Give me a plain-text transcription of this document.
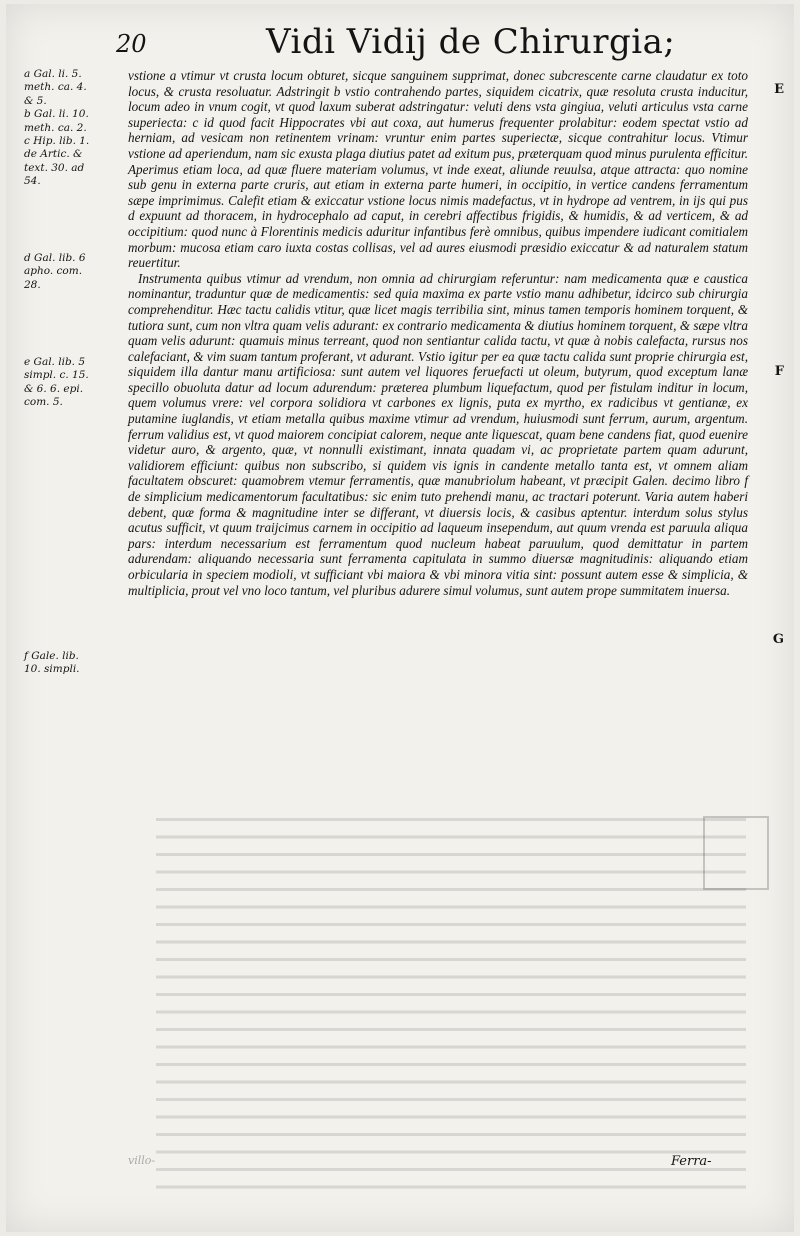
20	Vidi Vidij de Chirurgia;

a Gal. li. 5.
meth. ca. 4.
& 5.
b Gal. li. 10.
meth. ca. 2.
c Hip. lib. 1.
de Artic. &
text. 30. ad
54.

d Gal. lib. 6
apho. com.
28.

e Gal. lib. 5
simpl. c. 15.
& 6. 6. epi.
com. 5.

f Gale. lib.
10. simpli.

E
F
G

vstione a vtimur vt crusta locum obturet, sicque sanguinem supprimat, donec subcrescente carne claudatur ex toto locus, & crusta resoluatur. Adstringit b vstio contrahendo partes, siquidem cicatrix, quæ resoluta crusta inducitur, locum adeo in vnum cogit, vt quod laxum suberat adstringatur: veluti dens vsta gingiua, veluti articulus vsta carne superiecta: c id quod facit Hippocrates vbi aut coxa, aut humerus frequenter prolabitur: eodem spectat vstio ad herniam, ad vesicam non retinentem vrinam: vruntur enim partes superiectæ, sicque contrahitur locus. Vtimur vstione ad aperiendum, nam sic exusta plaga diutius patet ad exitum pus, præterquam quod minus purulenta efficitur. Aperimus etiam loca, ad quæ fluere materiam volumus, vt inde exeat, aliunde reuulsa, atque attracta: quo nomine sub genu in externa parte cruris, aut etiam in externa parte humeri, in occipitio, in vertice candens ferramentum sæpe imprimimus. Calefit etiam & exiccatur vstione locus nimis madefactus, vt in hydrope ad ventrem, in ijs qui pus d expuunt ad thoracem, in hydrocephalo ad caput, in cerebri affectibus frigidis, & humidis, & ad verticem, & ad occipitium: quod nunc à Florentinis medicis aduritur infantibus ferè omnibus, quibus impendere iudicant comitialem morbum: mucosa etiam caro iuxta costas collisas, vel ad aures eiusmodi præsidio exiccatur & ad naturalem statum reuertitur.

Instrumenta quibus vtimur ad vrendum, non omnia ad chirurgiam referuntur: nam medicamenta quæ e caustica nominantur, traduntur quæ de medicamentis: sed quia maxima ex parte vstio manu adhibetur, idcirco sub chirurgia comprehenditur. Hæc tactu calidis vtitur, quæ licet magis terribilia sint, minus tamen temporis hominem torquent, & tutiora sunt, cum non vltra quam velis adurant: ex contrario medicamenta & diutius hominem torquent, & sæpe vltra quam velis adurunt: quamuis minus terreant, quod non sentiantur calida tactu, vt quæ à nobis calefacta, rursus nos calefaciant, & vim suam tantum proferant, vt adurant. Vstio igitur per ea quæ tactu calida sunt proprie chirurgia est, siquidem illa dantur manu artificiosa: sunt autem vel liquores feruefacti ut oleum, butyrum, quod exceptum lanæ specillo obuoluta datur ad locum adurendum: præterea plumbum liquefactum, quod per fistulam inditur in locum, quem volumus vrere: vel corpora solidiora vt carbones ex lignis, puta ex myrtho, ex radicibus vt gentianæ, ex putamine iuglandis, vt etiam metalla quibus maxime vtimur ad vrendum, huiusmodi sunt ferrum, aurum, argentum. ferrum validius est, vt quod maiorem concipiat calorem, neque ante liquescat, quam bene candens fiat, quod euenire videtur auro, & argento, quæ, vt nonnulli existimant, innata quadam vi, ac proprietate partem quam adurunt, validiorem efficiunt: quibus non subscribo, si quidem vis ignis in candente metallo tanta est, vt omnem aliam facultatem obscuret: quamobrem vtemur ferramentis, quæ manubriolum habeant, vt præcipit Galen. decimo libro f de simplicium medicamentorum facultatibus: sic enim tuto prehendi manu, ac tractari poterunt. Varia autem haberi debent, quæ forma & magnitudine inter se differant, vt diuersis locis, & casibus aptentur. interdum solus stylus acutus sufficit, vt quum traijcimus carnem in occipitio ad laqueum insependum, aut quum vrenda est paruula aliqua pars: interdum necessarium est ferramentum quod nucleum habeat paruulum, quod demittatur in partem adurendam: aliquando necessaria sunt ferramenta capitulata in summo diuersæ magnitudinis: aliquando etiam orbicularia in speciem modioli, vt sufficiant vbi maiora & vbi minora vitia sint: possunt autem esse & simplicia, & multiplicia, prout vel vno loco tantum, vel pluribus adurere simul volumus, sunt autem prope summitatem inuersa.

villo-	Ferra-
